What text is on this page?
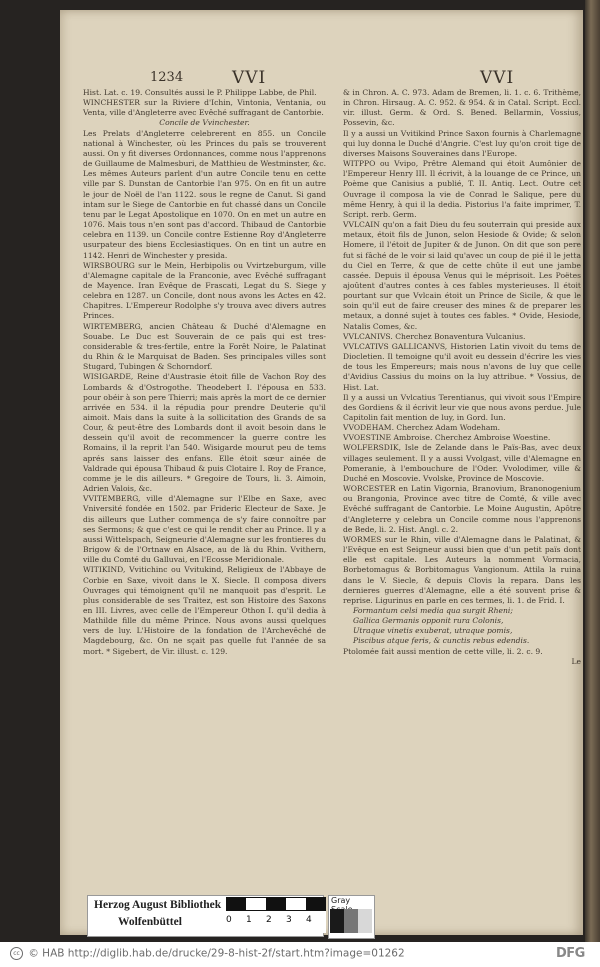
1234	VVI	VVI

Hist. Lat. c. 19. Consultés aussi le P. Philippe Labbe, de Phil.

WINCHESTER sur la Riviere d'Ichin, Vintonia, Ventania, ou Venta, ville d'Angleterre avec Evêché suffragant de Cantorbie.

Concile de Vvinchester.

Les Prelats d'Angleterre celebrerent en 855. un Concile national à Winchester, où les Princes du païs se trouverent aussi. On y fit diverses Ordonnances, comme nous l'apprenons de Guillaume de Malmesburi, de Matthieu de Westminster, &c. Les mêmes Auteurs parlent d'un autre Concile tenu en cette ville par S. Dunstan de Cantorbie l'an 975. On en fit un autre le jour de Noël de l'an 1122. sous le regne de Canut. Si gand intam sur le Siege de Cantorbie en fut chassé dans un Concile tenu par le Legat Apostolique en 1070. On en met un autre en 1076. Mais tous n'en sont pas d'accord. Thibaud de Cantorbie celebra en 1139. un Concile contre Estienne Roy d'Angleterre usurpateur des biens Ecclesiastiques. On en tint un autre en 1142. Henri de Winchester y presida.

WIRSBOURG sur le Mein, Herbipolis ou Vvirtzeburgum, ville d'Alemagne capitale de la Franconie, avec Evêché suffragant de Mayence. Iran Evêque de Frascati, Legat du S. Siege y celebra en 1287. un Concile, dont nous avons les Actes en 42. Chapitres. L'Empereur Rodolphe s'y trouva avec divers autres Princes.

WIRTEMBERG, ancien Château & Duché d'Alemagne en Souabe. Le Duc est Souverain de ce païs qui est tres-considerable & tres-fertile, entre la Forêt Noire, le Palatinat du Rhin & le Marquisat de Baden. Ses principales villes sont Stugard, Tubingen & Schorndorf.

WISIGARDE, Reine d'Austrasie étoit fille de Vachon Roy des Lombards & d'Ostrogothe. Theodebert I. l'épousa en 533. pour obéir à son pere Thierri; mais après la mort de ce dernier arrivée en 534. il la répudia pour prendre Deuterie qu'il aimoit. Mais dans la suite à la sollicitation des Grands de sa Cour, & peut-être des Lombards dont il avoit besoin dans le dessein qu'il avoit de recommencer la guerre contre les Romains, il la reprit l'an 540. Wisigarde mourut peu de tems aprés sans laisser des enfans. Elle étoit sœur ainée de Valdrade qui épousa Thibaud & puis Clotaire I. Roy de France, comme je le dis ailleurs. * Gregoire de Tours, li. 3. Aimoin, Adrien Valois, &c.

VVITEMBERG, ville d'Alemagne sur l'Elbe en Saxe, avec Vniversité fondée en 1502. par Frideric Electeur de Saxe. Je dis ailleurs que Luther commença de s'y faire connoître par ses Sermons; & que c'est ce qui le rendit cher au Prince. Il y a aussi Wittelspach, Seigneurie d'Alemagne sur les frontieres du Brigow & de l'Ortnaw en Alsace, au de là du Rhin. Vvithern, ville du Comté du Galluvai, en l'Ecosse Meridionale.

WITIKIND, Vvitichinc ou Vvitukind, Religieux de l'Abbaye de Corbie en Saxe, vivoit dans le X. Siecle. Il composa divers Ouvrages qui témoignent qu'il ne manquoit pas d'esprit. Le plus considerable de ses Traitez, est son Histoire des Saxons en III. Livres, avec celle de l'Empereur Othon I. qu'il dedia à Mathilde fille du même Prince. Nous avons aussi quelques vers de luy. L'Histoire de la fondation de l'Archevêché de Magdebourg, &c. On ne sçait pas quelle fut l'année de sa mort. * Sigebert, de Vir. illust. c. 129.

& in Chron. A. C. 973. Adam de Bremen, li. 1. c. 6. Trithème, in Chron. Hirsaug. A. C. 952. & 954. & in Catal. Script. Eccl. vir. illust. Germ. & Ord. S. Bened. Bellarmin, Vossius, Possevin, &c.

Il y a aussi un Vvitikind Prince Saxon fournis à Charlemagne qui luy donna le Duché d'Angrie. C'est luy qu'on croit tige de diverses Maisons Souveraines dans l'Europe.

WITPPO ou Vvipo, Prêtre Alemand qui étoit Aumônier de l'Empereur Henry III. Il écrivit, à la louange de ce Prince, un Poème que Canisius a publié, T. II. Antiq. Lect. Outre cet Ouvrage il composa la vie de Conrad le Salique, pere du même Henry, à qui il la dedia. Pistorius l'a faite imprimer, T. Script. rerb. Germ.

VVLCAIN qu'on a fait Dieu du feu souterrain qui preside aux metaux, étoit fils de Junon, selon Hesiode & Ovide; & selon Homere, il l'étoit de Jupiter & de Junon. On dit que son pere fut si fâché de le voir si laid qu'avec un coup de pié il le jetta du Ciel en Terre, & que de cette chûte il eut une jambe cassée. Depuis il épousa Venus qui le méprisoit. Les Poëtes ajoûtent d'autres contes à ces fables mysterieuses. Il étoit pourtant sur que Vvlcain étoit un Prince de Sicile, & que le soin qu'il eut de faire creuser des mines & de preparer les metaux, a donné sujet à toutes ces fables. * Ovide, Hesiode, Natalis Comes, &c.

VVLCANIVS. Cherchez Bonaventura Vulcanius.

VVLCATIVS GALLICANVS, Historien Latin vivoit du tems de Diocletien. Il temoigne qu'il avoit eu dessein d'écrire les vies de tous les Empereurs; mais nous n'avons de luy que celle d'Avidius Cassius du moins on la luy attribue. * Vossius, de Hist. Lat.

Il y a aussi un Vvlcatius Terentianus, qui vivoit sous l'Empire des Gordiens & il écrivit leur vie que nous avons perdue. Jule Capitolin fait mention de luy, in Gord. Iun.

VVODEHAM. Cherchez Adam Wodeham.

VVOESTINE Ambroise. Cherchez Ambroise Woestine.

WOLFERSDIK, Isle de Zelande dans le Païs-Bas, avec deux villages seulement. Il y a aussi Vvolgast, ville d'Alemagne en Pomeranie, à l'embouchure de l'Oder. Vvolodimer, ville & Duché en Moscovie. Vvolske, Province de Moscovie.

WORCESTER en Latin Vigornia, Branovium, Branonogenium ou Brangonia, Province avec titre de Comté, & ville avec Evêché suffragant de Cantorbie. Le Moine Augustin, Apôtre d'Angleterre y celebra un Concile comme nous l'apprenons de Bede, li. 2. Hist. Angl. c. 2.

WORMES sur le Rhin, ville d'Alemagne dans le Palatinat, & l'Evêque en est Seigneur aussi bien que d'un petit païs dont elle est capitale. Les Auteurs la nomment Vormacia, Borbetomagus & Borbitomagus Vangionum. Attila la ruina dans le V. Siecle, & depuis Clovis la repara. Dans les dernieres guerres d'Alemagne, elle a été souvent prise & reprise. Ligurinus en parle en ces termes, li. 1. de Frid. I.

Formantum celsi media qua surgit Rheni;

Gallica Germanis opponit rura Colonis,

Utraque vinetis exuberat, utraque pomis,

Piscibus atque feris, & cunctis rebus edendis.

Ptolomée fait aussi mention de cette ville, li. 2. c. 9.

Le

Herzog August Bibliothek
Wolfenbüttel	0 1 2 3 4
Gray
cc © HAB http://diglib.hab.de/drucke/29-8-hist-2f/start.htm?image=01262	DFG
